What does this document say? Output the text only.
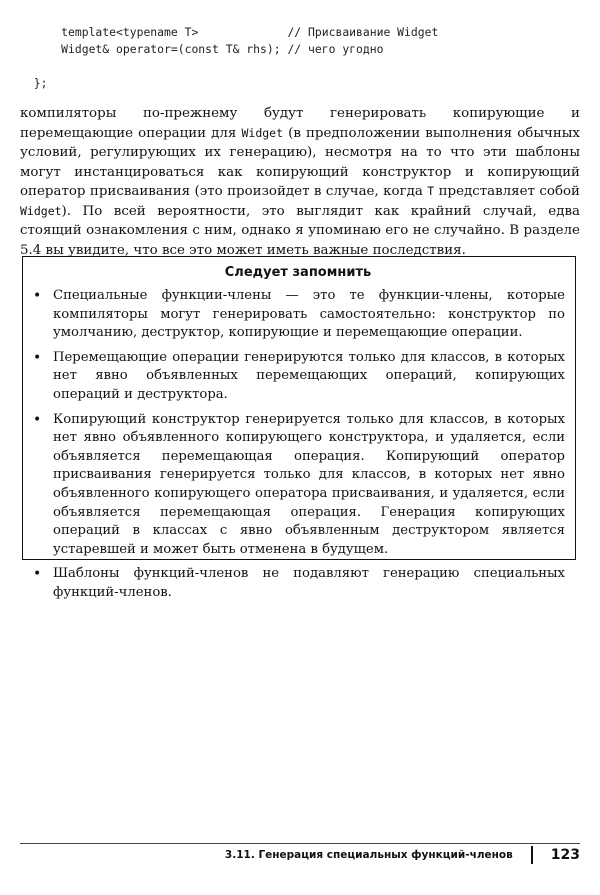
template<typename T>             // Присваивание Widget
Widget& operator=(const T& rhs); // чего угодно
};

компиляторы по-прежнему будут генерировать копирующие и перемещающие операции для Widget (в предположении выполнения обычных условий, регулирующих их генерацию), несмотря на то что эти шаблоны могут инстанцироваться как копирующий конструктор и копирующий оператор присваивания (это произойдет в случае, когда T представляет собой Widget). По всей вероятности, это выглядит как крайний случай, едва стоящий ознакомления с ним, однако я упоминаю его не случайно. В разделе 5.4 вы увидите, что все это может иметь важные последствия.

Следует запомнить
• Специальные функции-члены — это те функции-члены, которые компиляторы могут генерировать самостоятельно: конструктор по умолчанию, деструктор, копирующие и перемещающие операции.
• Перемещающие операции генерируются только для классов, в которых нет явно объявленных перемещающих операций, копирующих операций и деструктора.
• Копирующий конструктор генерируется только для классов, в которых нет явно объявленного копирующего конструктора, и удаляется, если объявляется перемещающая операция. Копирующий оператор присваивания генерируется только для классов, в которых нет явно объявленного копирующего оператора присваивания, и удаляется, если объявляется перемещающая операция. Генерация копирующих операций в классах с явно объявленным деструктором является устаревшей и может быть отменена в будущем.
• Шаблоны функций-членов не подавляют генерацию специальных функций-членов.
3.11. Генерация специальных функций-членов	123
